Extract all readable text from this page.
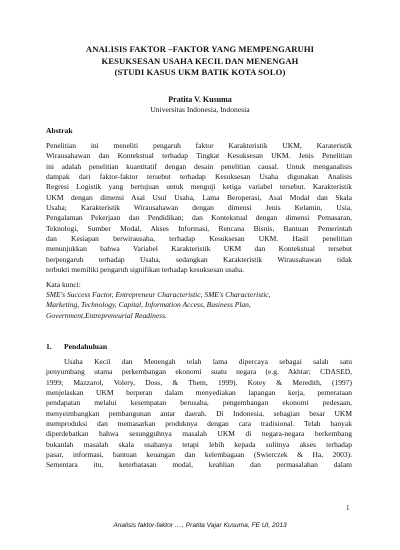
ANALISIS FAKTOR –FAKTOR YANG MEMPENGARUHI
KESUKSESAN USAHA KECIL DAN MENENGAH
(STUDI KASUS UKM BATIK KOTA SOLO)
Pratita V. Kusuma
Universitas Indonesia, Indonesia
Abstrak
Penelitian ini meneliti pengaruh faktor Karakteristik UKM, Karateristik
Wirausahawan dan Kontekstual terhadap Tingkat Kesuksesan UKM. Jenis Penelitian
ini adalah penelitian kuantitatif dengan desain penelitian causal. Untuk menganalisis
dampak dari faktor-faktor tersebut terhadap Kesuksesan Usaha digunakan Analisis
Regresi Logistik yang bertujuan untuk menguji ketiga variabel tersebut. Karakteristik
UKM dengan dimensi Asal Usul Usaha, Lama Beroperasi, Asal Modal dan Skala
Usaha; Karakteristik Wirausahawan dengan dimensi Jenis Kelamin, Usia,
Pengalaman Pekerjaan dan Pendidikan; dan Kontekstual dengan dimensi Pemasaran,
Teknologi, Sumber Modal, Akses Informasi, Rencana Bisnis, Bantuan Pemerintah
dan Kesiapan berwirausaha, terhadap Kesuksesan UKM. Hasil penelitian
menunjukkan bahwa Variabel Karakteristik UKM dan Kontekstual tersebut
berpengaruh terhadap Usaha, sedangkan Karakteristik Wirausahawan tidak
terbukti memiliki pengaruh signifikan terhadap kesuksesan usaha.
Kata kunci:
SME's Success Factor, Entrepreneur Characteristic, SME's Characteristic,
Marketing, Technology, Capital, Information Access, Business Plan,
Government,Entrepreneurial Readiness.
1. Pendahuluan
Usaha Kecil dan Menengah telah lama dipercaya sebagai salah satu
penyumbang utama perkembangan ekonomi suatu negara (e.g. Akhtar; CDASED,
1999; Mazzarol, Volery, Doss, & Them, 1999). Kotey & Meredith, (1997)
menjelaskan UKM berperan dalam menyediakan lapangan kerja, pemerataan
pendapatan melalui kesempatan berusaha, pengembangan ekonomi pedesaan,
menyeimbangkan pembangunan antar daerah. Di Indonesia, sebagian besar UKM
memproduksi dan memasarkan produknya dengan cara tradisional. Telah banyak
diperdebatkan bahwa sesungguhnya masalah UKM di negara-negara berkembang
bukanlah masalah skala usahanya tetapi lebih kepada sulitnya akses terhadap
pasar, informasi, bantuan keuangan dan kelembagaan (Swierczek & Ha, 2003).
Sementara itu, keterbatasan modal, keahlian dan permasalahan dalam
1
Analisis faktor-faktor ...., Pratita Vajar Kusuma, FE UI, 2013
